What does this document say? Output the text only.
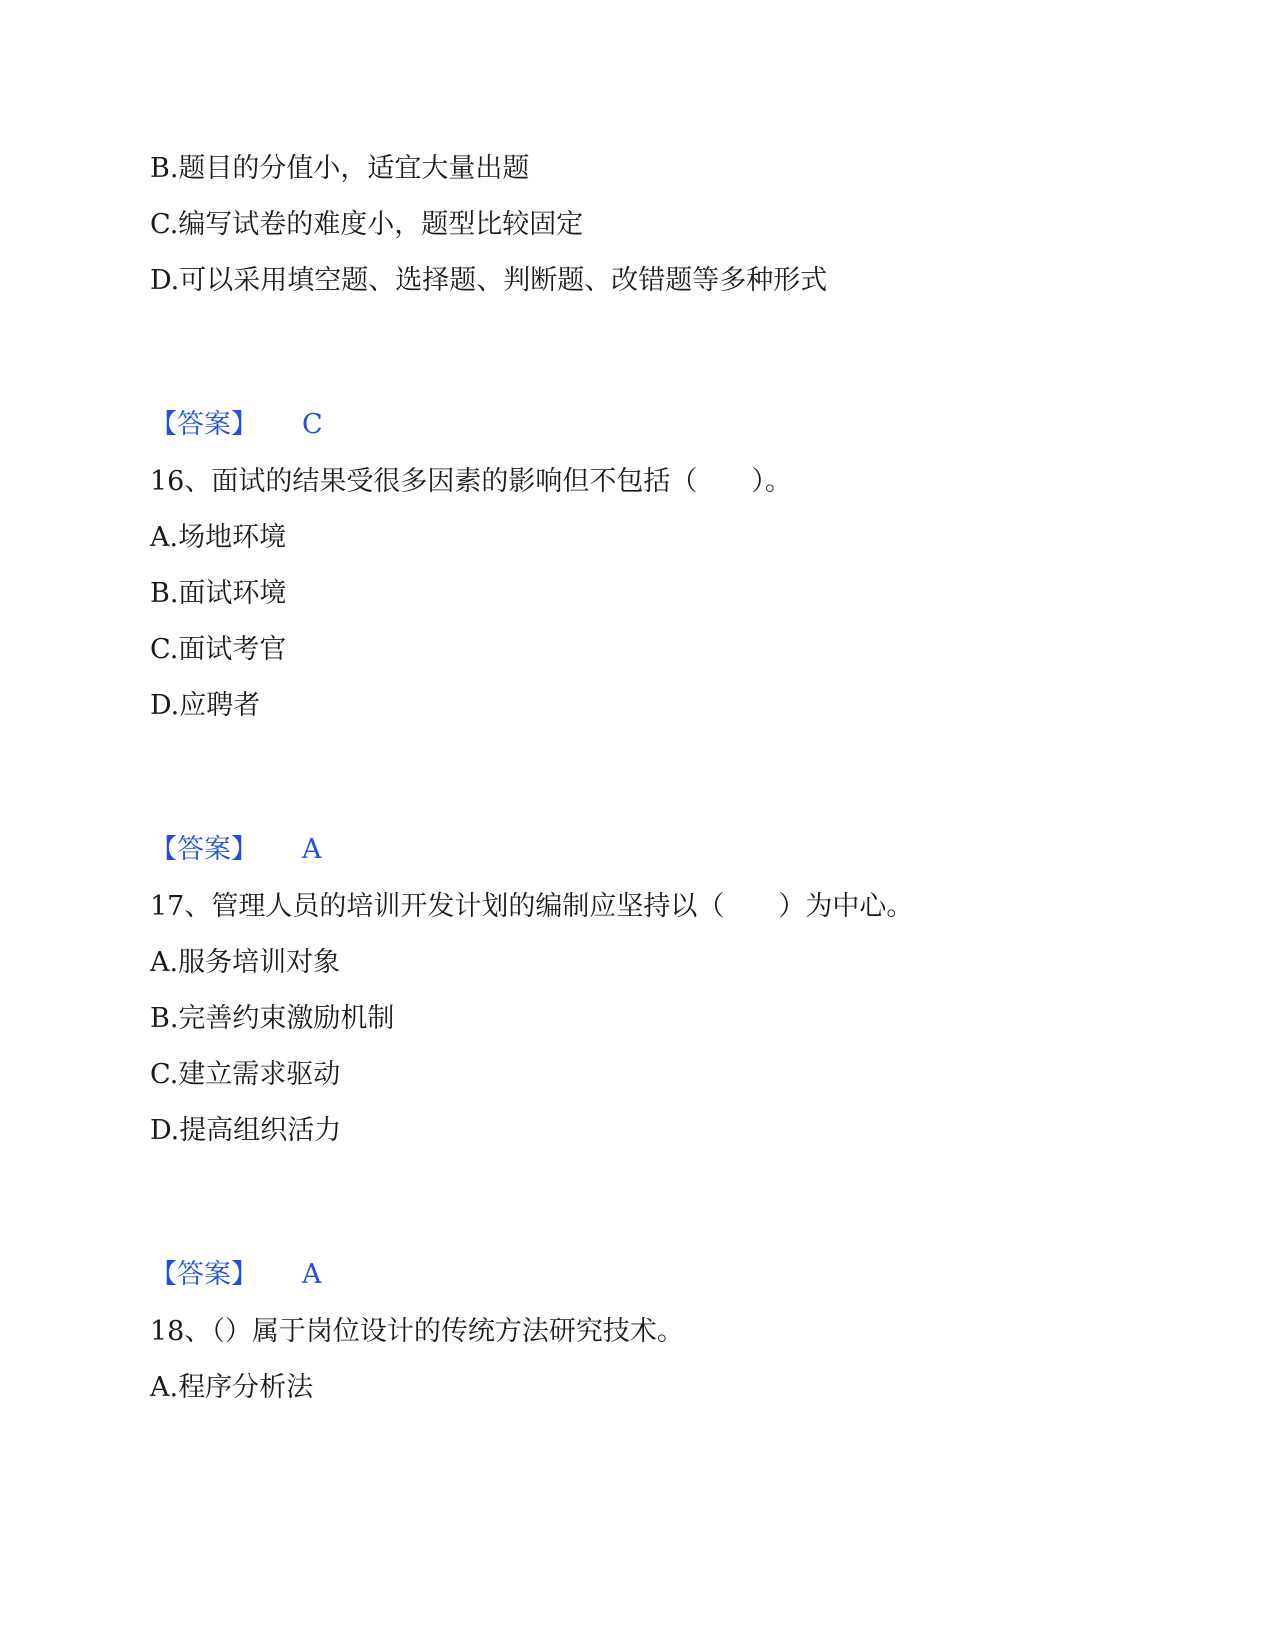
B.题目的分值小，适宜大量出题

C.编写试卷的难度小，题型比较固定

D.可以采用填空题、选择题、判断题、改错题等多种形式

【答案】 C

16、面试的结果受很多因素的影响但不包括（　　）。

A.场地环境

B.面试环境

C.面试考官

D.应聘者

【答案】 A

17、管理人员的培训开发计划的编制应坚持以（　　）为中心。

A.服务培训对象

B.完善约束激励机制

C.建立需求驱动

D.提高组织活力

【答案】 A

18、（）属于岗位设计的传统方法研究技术。

A.程序分析法
